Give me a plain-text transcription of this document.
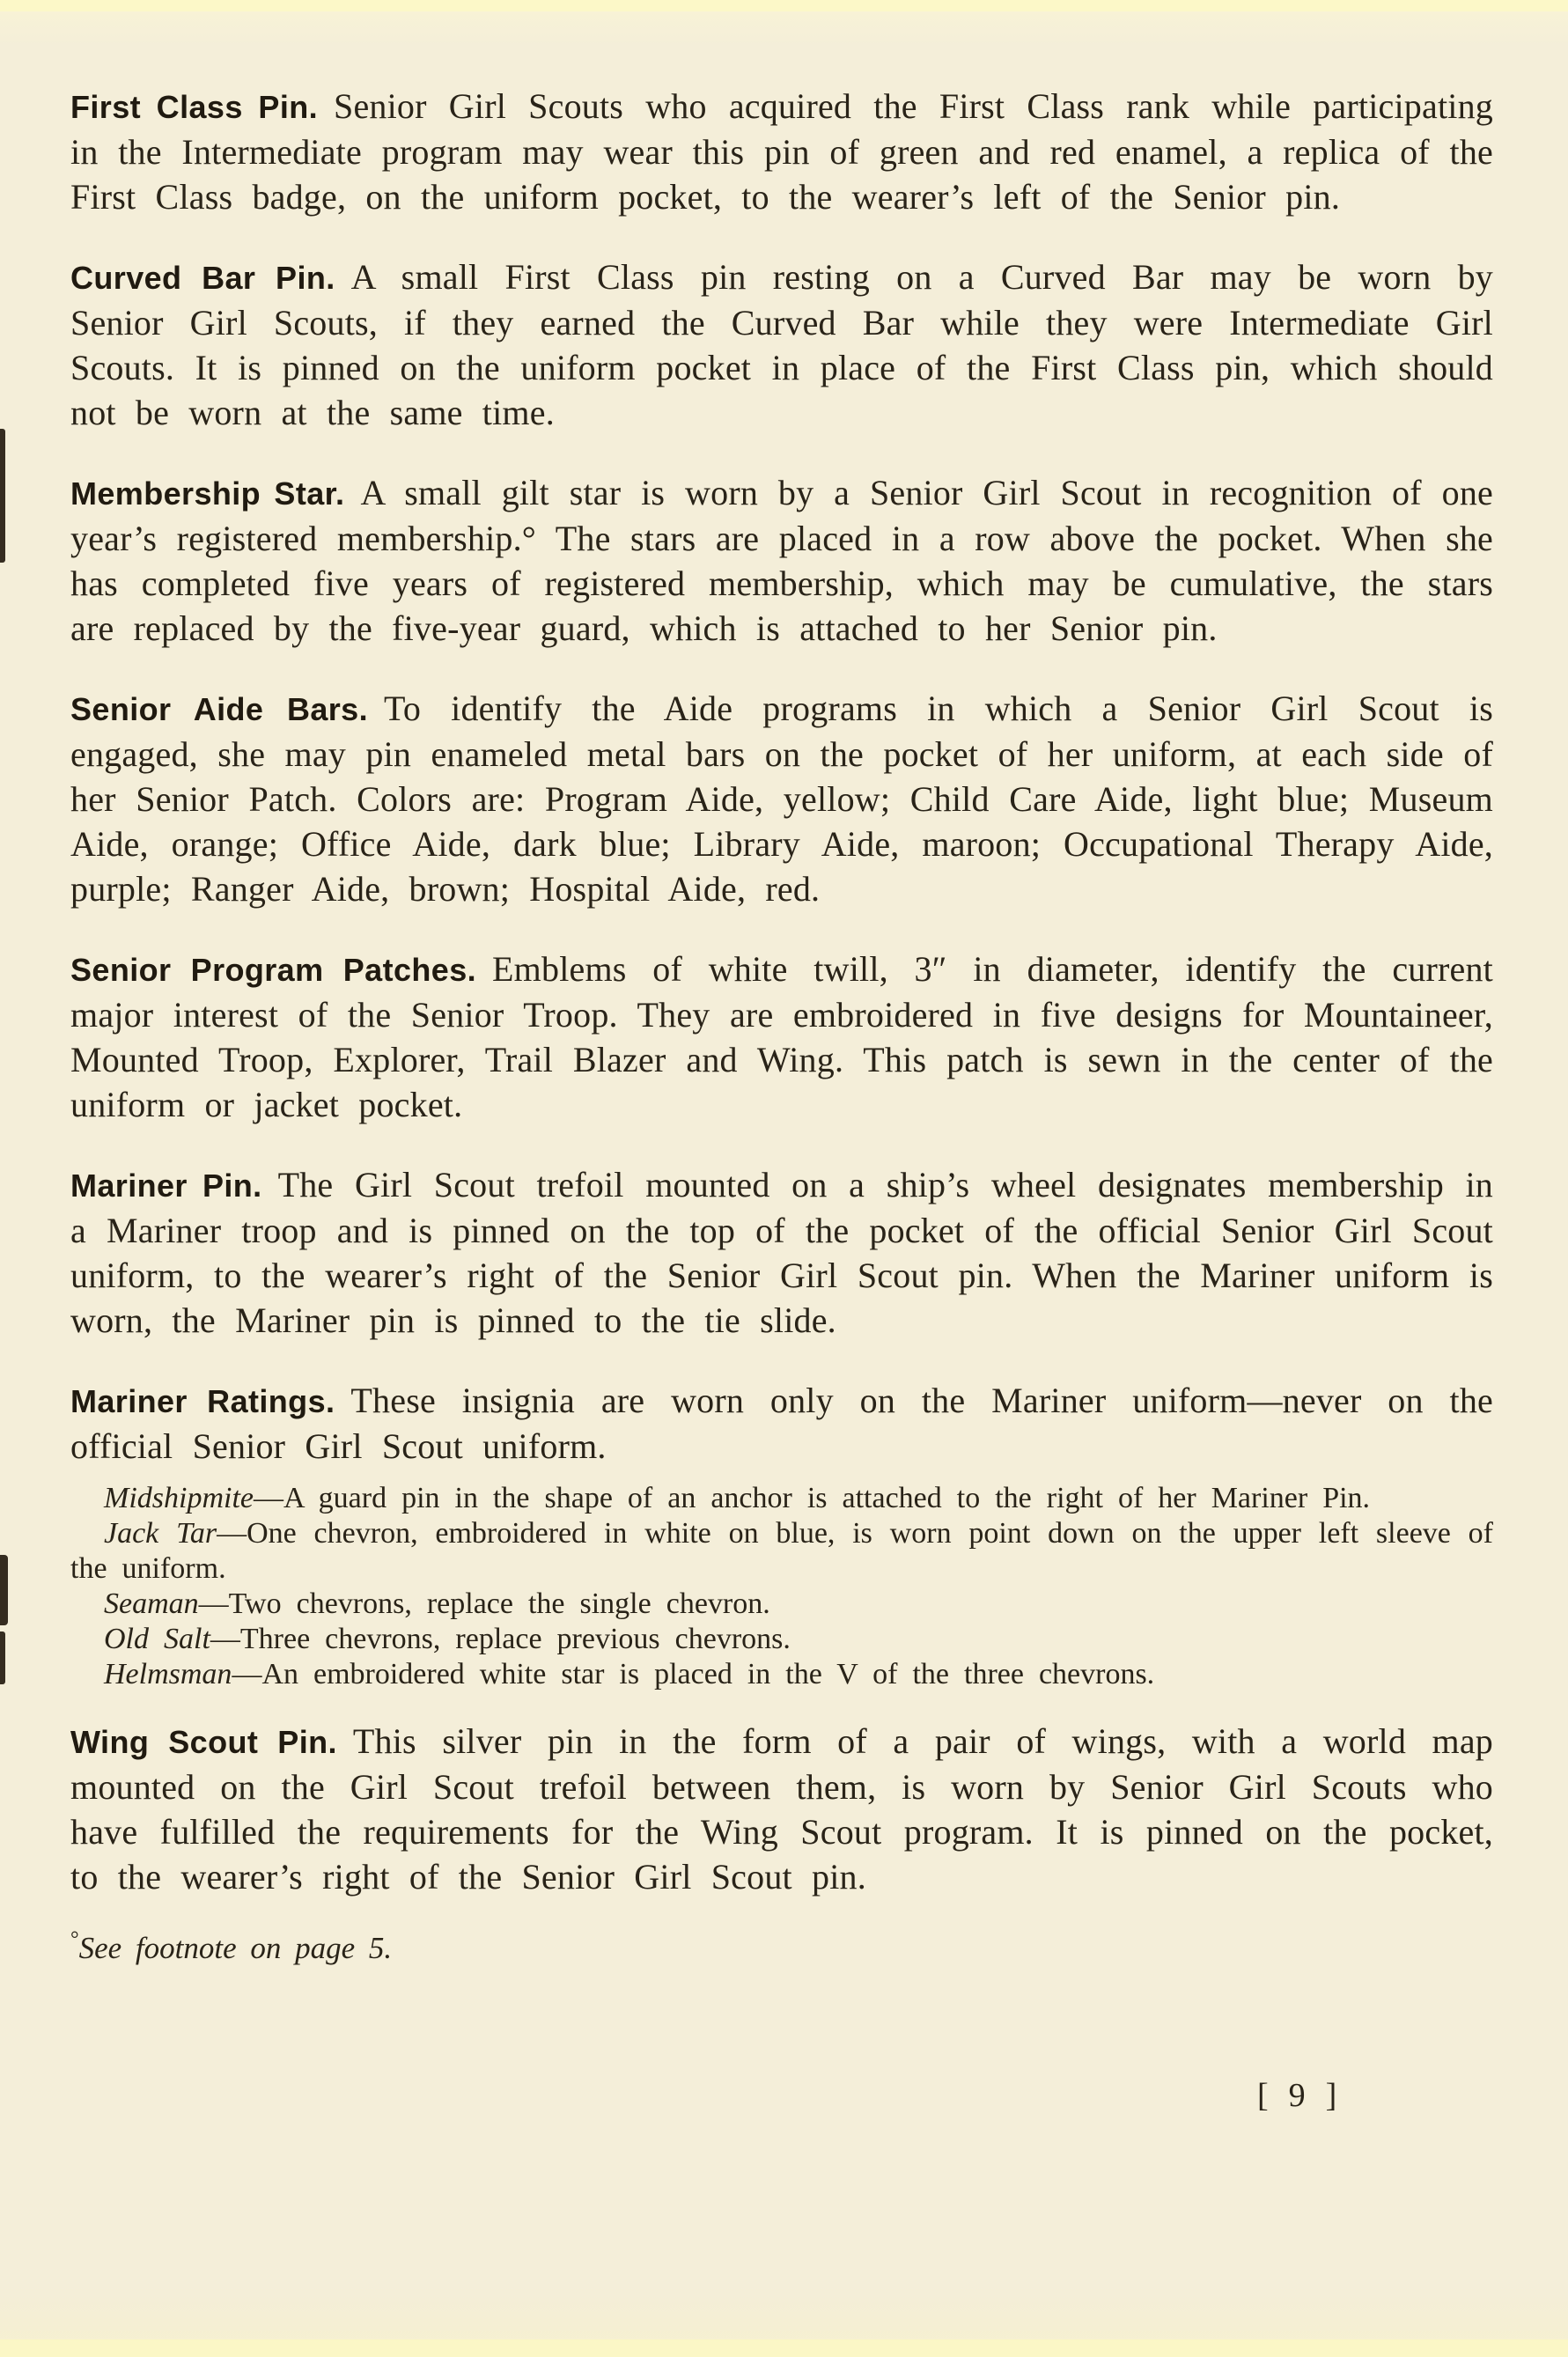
First Class Pin. Senior Girl Scouts who acquired the First Class rank while participating in the Intermediate program may wear this pin of green and red enamel, a replica of the First Class badge, on the uniform pocket, to the wearer’s left of the Senior pin.

Curved Bar Pin. A small First Class pin resting on a Curved Bar may be worn by Senior Girl Scouts, if they earned the Curved Bar while they were Intermediate Girl Scouts. It is pinned on the uniform pocket in place of the First Class pin, which should not be worn at the same time.

Membership Star. A small gilt star is worn by a Senior Girl Scout in recognition of one year’s registered membership.° The stars are placed in a row above the pocket. When she has completed five years of registered membership, which may be cumulative, the stars are replaced by the five-year guard, which is attached to her Senior pin.

Senior Aide Bars. To identify the Aide programs in which a Senior Girl Scout is engaged, she may pin enameled metal bars on the pocket of her uniform, at each side of her Senior Patch. Colors are: Program Aide, yellow; Child Care Aide, light blue; Museum Aide, orange; Office Aide, dark blue; Library Aide, maroon; Occupational Therapy Aide, purple; Ranger Aide, brown; Hospital Aide, red.

Senior Program Patches. Emblems of white twill, 3″ in diameter, identify the current major interest of the Senior Troop. They are embroidered in five designs for Mountaineer, Mounted Troop, Explorer, Trail Blazer and Wing. This patch is sewn in the center of the uniform or jacket pocket.

Mariner Pin. The Girl Scout trefoil mounted on a ship’s wheel designates membership in a Mariner troop and is pinned on the top of the pocket of the official Senior Girl Scout uniform, to the wearer’s right of the Senior Girl Scout pin. When the Mariner uniform is worn, the Mariner pin is pinned to the tie slide.

Mariner Ratings. These insignia are worn only on the Mariner uniform—never on the official Senior Girl Scout uniform.

Midshipmite—A guard pin in the shape of an anchor is attached to the right of her Mariner Pin.

Jack Tar—One chevron, embroidered in white on blue, is worn point down on the upper left sleeve of the uniform.

Seaman—Two chevrons, replace the single chevron.

Old Salt—Three chevrons, replace previous chevrons.

Helmsman—An embroidered white star is placed in the V of the three chevrons.

Wing Scout Pin. This silver pin in the form of a pair of wings, with a world map mounted on the Girl Scout trefoil between them, is worn by Senior Girl Scouts who have fulfilled the requirements for the Wing Scout program. It is pinned on the pocket, to the wearer’s right of the Senior Girl Scout pin.

°See footnote on page 5.

[ 9 ]
